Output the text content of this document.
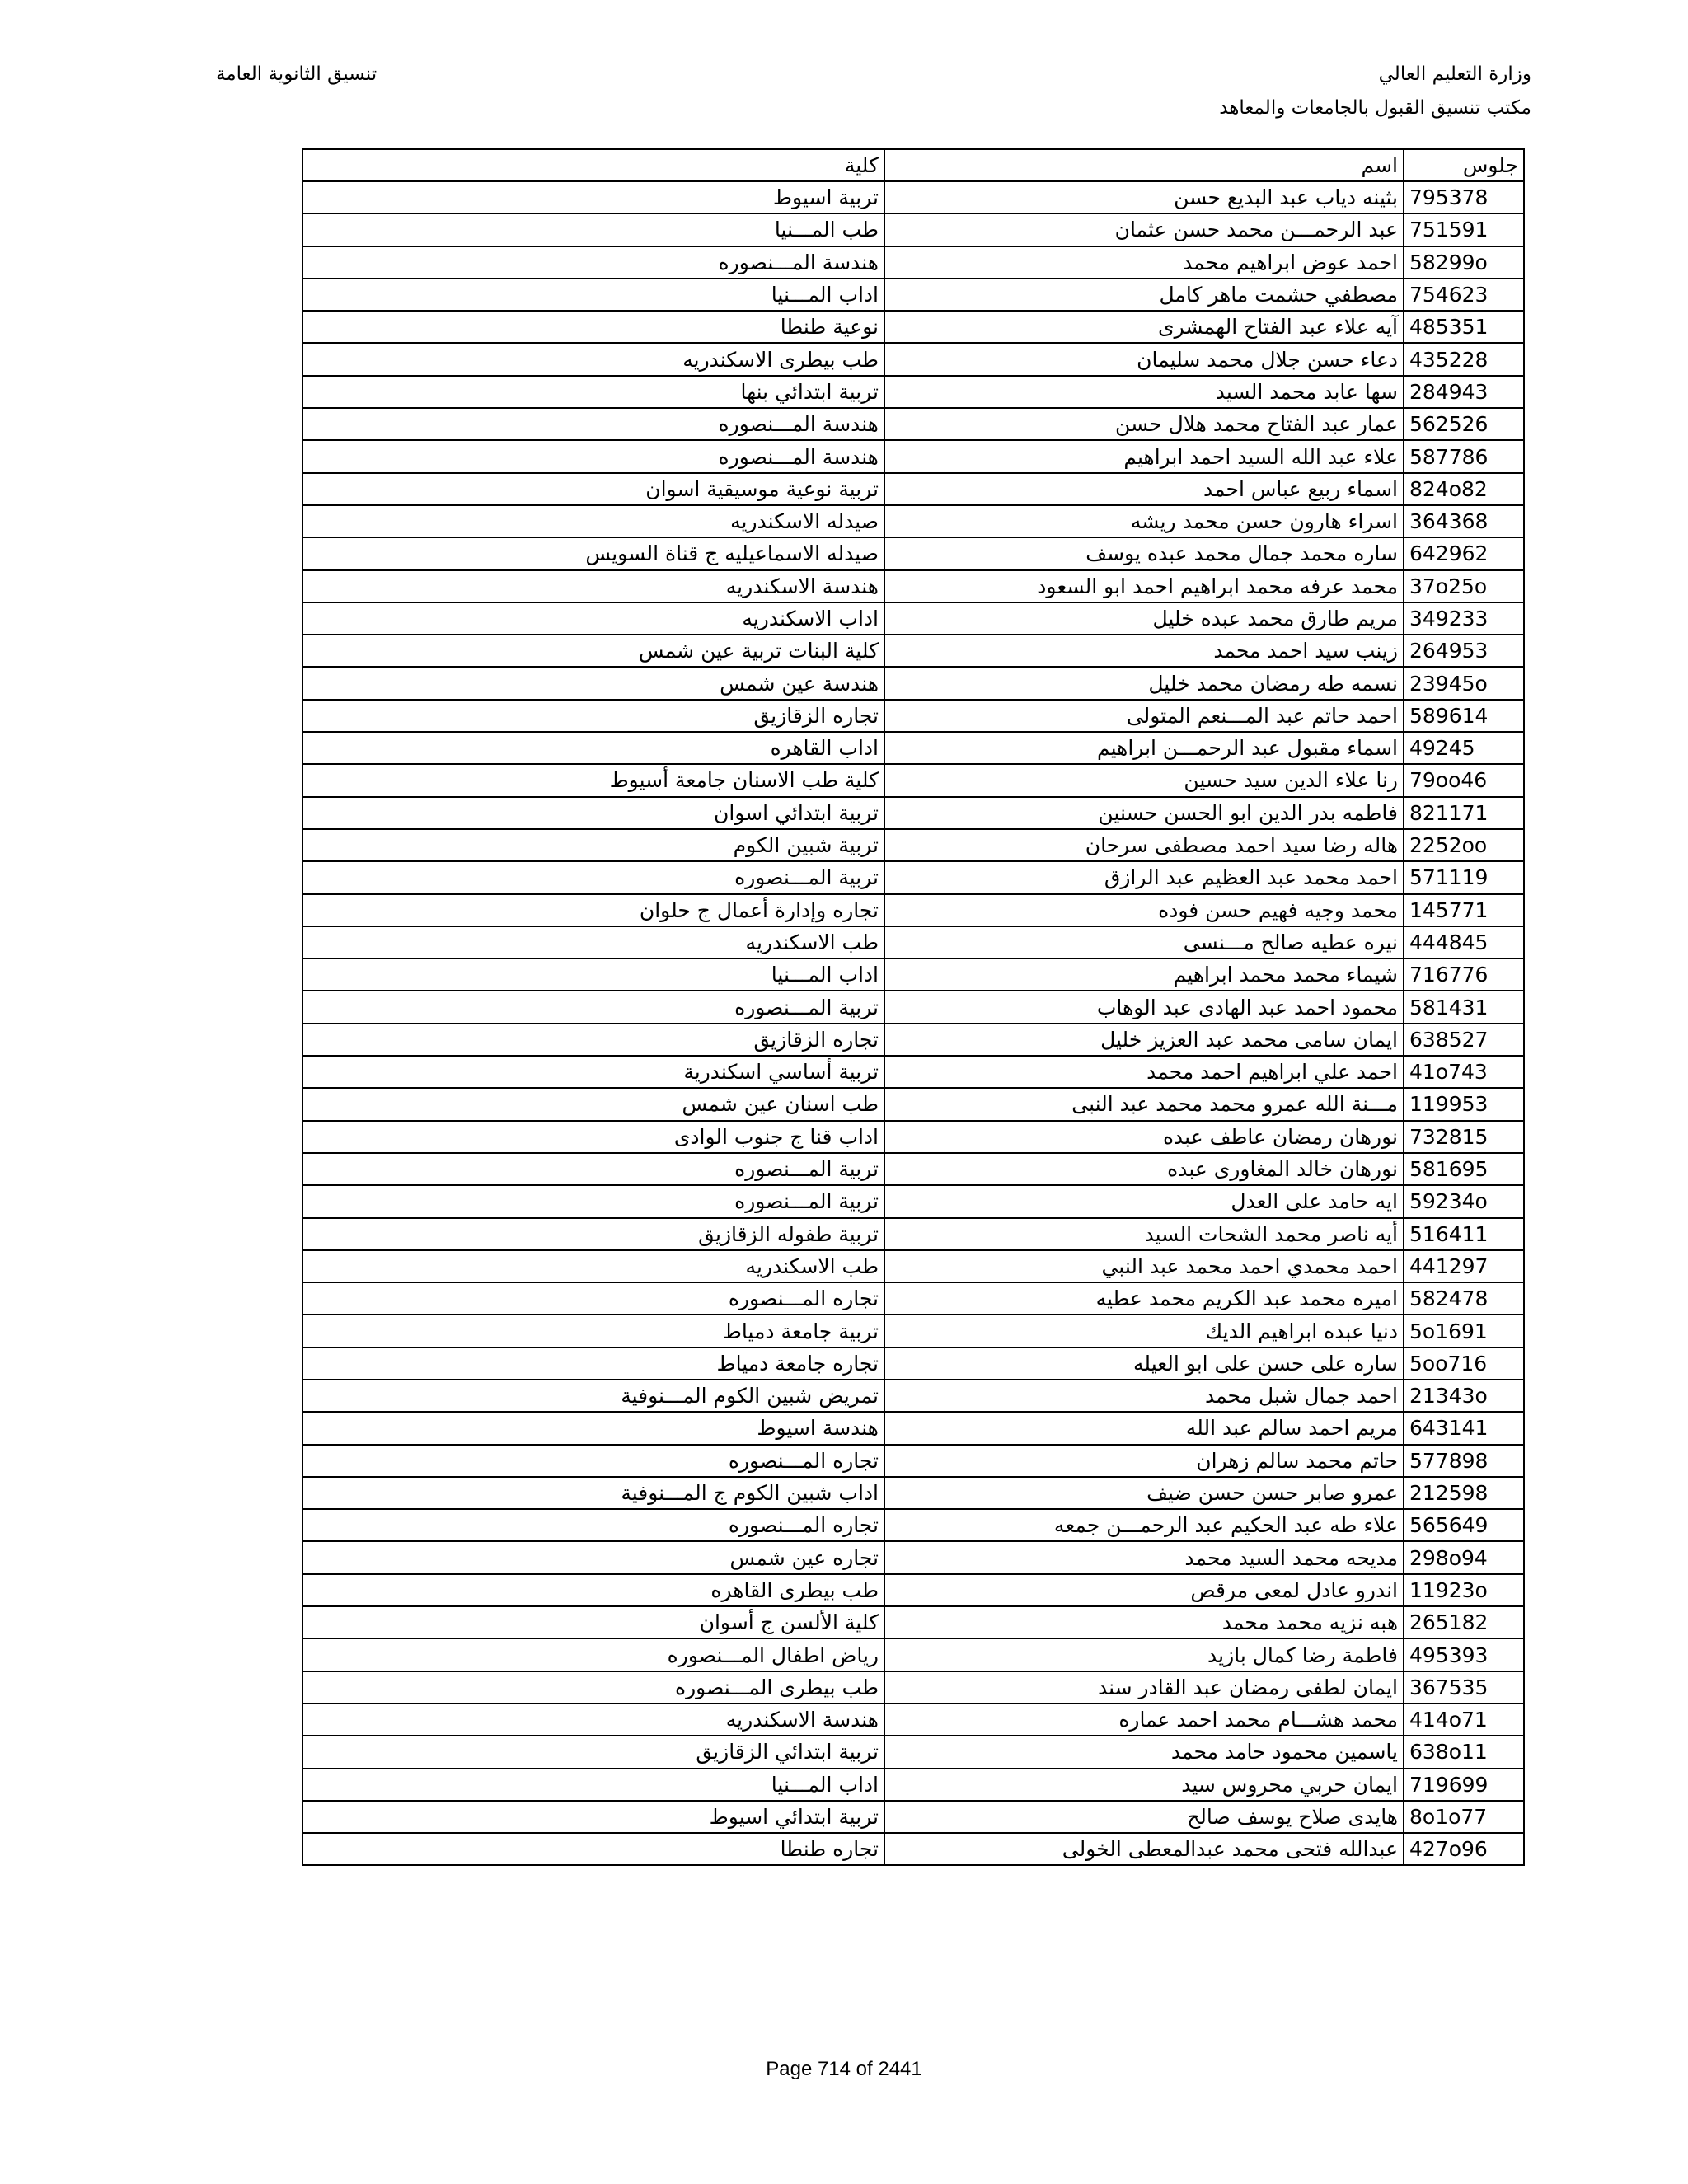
وزارة التعليم العالي
مكتب تنسيق القبول بالجامعات والمعاهد
تنسيق الثانوية العامة
كلية	اسم	جلوس
تربية اسيوط	بثينه دياب عبد البديع حسن	795378
طب المـــنيا	عبد الرحمـــن محمد حسن عثمان	751591
هندسة المـــنصوره	احمد عوض ابراهيم محمد	58299o
اداب المـــنيا	مصطفي حشمت ماهر كامل	754623
نوعية طنطا	آيه علاء عبد الفتاح الهمشرى	485351
طب بيطرى الاسكندريه	دعاء حسن جلال محمد سليمان	435228
تربية ابتدائي بنها	سها عابد محمد السيد	284943
هندسة المـــنصوره	عمار عبد الفتاح محمد هلال حسن	562526
هندسة المـــنصوره	علاء عبد الله السيد احمد ابراهيم	587786
تربية نوعية موسيقية اسوان	اسماء ربيع عباس احمد	824o82
صيدله الاسكندريه	اسراء هارون حسن محمد ريشه	364368
صيدله الاسماعيليه ج قناة السويس	ساره محمد جمال محمد عبده يوسف	642962
هندسة الاسكندريه	محمد عرفه محمد ابراهيم احمد ابو السعود	37o25o
اداب الاسكندريه	مريم طارق محمد عبده خليل	349233
كلية البنات تربية عين شمس	زينب سيد احمد محمد	264953
هندسة عين شمس	نسمه طه رمضان محمد خليل	23945o
تجاره الزقازيق	احمد حاتم عبد المـــنعم المتولى	589614
اداب القاهره	اسماء مقبول عبد الرحمـــن ابراهيم	49245
كلية طب الاسنان جامعة أسيوط	رنا علاء الدين سيد حسين	79oo46
تربية ابتدائي اسوان	فاطمه بدر الدين ابو الحسن حسنين	821171
تربية شبين الكوم	هاله رضا سيد احمد مصطفى سرحان	2252oo
تربية المـــنصوره	احمد محمد عبد العظيم عبد الرازق	571119
تجاره وإدارة أعمال ج حلوان	محمد وجيه فهيم حسن فوده	145771
طب الاسكندريه	نيره عطيه صالح مـــنسى	444845
اداب المـــنيا	شيماء محمد محمد ابراهيم	716776
تربية المـــنصوره	محمود احمد عبد الهادى عبد الوهاب	581431
تجاره الزقازيق	ايمان سامى محمد عبد العزيز خليل	638527
تربية أساسي اسكندرية	احمد علي ابراهيم احمد محمد	41o743
طب اسنان عين شمس	مـــنة الله عمرو محمد محمد عبد النبى	119953
اداب قنا ج جنوب الوادى	نورهان رمضان عاطف عبده	732815
تربية المـــنصوره	نورهان خالد المغاورى عبده	581695
تربية المـــنصوره	ايه حامد على العدل	59234o
تربية طفوله الزقازيق	أيه ناصر محمد الشحات السيد	516411
طب الاسكندريه	احمد محمدي احمد محمد عبد النبي	441297
تجاره المـــنصوره	اميره محمد عبد الكريم محمد عطيه	582478
تربية جامعة دمياط	دنيا عبده ابراهيم الديك	5o1691
تجاره جامعة دمياط	ساره على حسن على ابو العيله	5oo716
تمريض شبين الكوم المـــنوفية	احمد جمال شبل محمد	21343o
هندسة اسيوط	مريم احمد سالم عبد الله	643141
تجاره المـــنصوره	حاتم محمد سالم زهران	577898
اداب شبين الكوم ج المـــنوفية	عمرو صابر حسن حسن ضيف	212598
تجاره المـــنصوره	علاء طه عبد الحكيم عبد الرحمـــن جمعه	565649
تجاره عين شمس	مديحه محمد السيد محمد	298o94
طب بيطرى القاهره	اندرو عادل لمعى مرقص	11923o
كلية الألسن ج أسوان	هبه نزيه محمد محمد	265182
رياض اطفال المـــنصوره	فاطمة رضا كمال بازيد	495393
طب بيطرى المـــنصوره	ايمان لطفى رمضان عبد القادر سند	367535
هندسة الاسكندريه	محمد هشـــام محمد احمد عماره	414o71
تربية ابتدائي الزقازيق	ياسمين محمود حامد محمد	638o11
اداب المـــنيا	ايمان حربي محروس سيد	719699
تربية ابتدائي اسيوط	هايدى صلاح يوسف صالح	8o1o77
تجاره طنطا	عبدالله فتحى محمد عبدالمعطى الخولى	427o96
Page 714 of 2441
